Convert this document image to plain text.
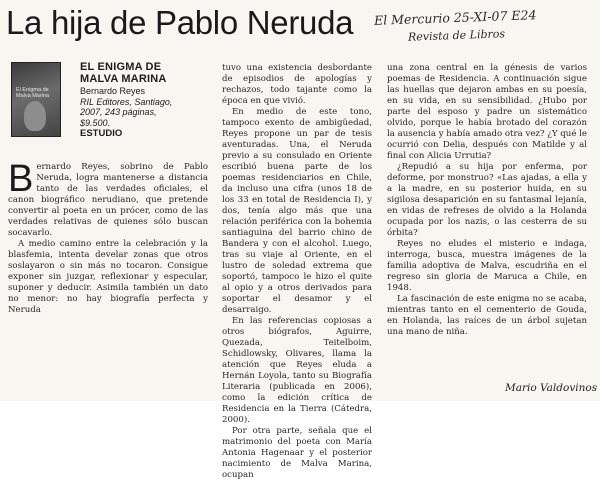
La hija de Pablo Neruda El Mercurio 25-XI-07 E24
Revista de Libros
El Enigma de Malva Marina
EL ENIGMA DE
MALVA MARINA
Bernardo Reyes
RIL Editores, Santiago,
2007, 243 páginas,
$9.500.
ESTUDIO

Bernardo Reyes, sobrino de Pablo Neruda, logra mantenerse a distancia tanto de las verdades oficiales, el canon biográfico nerudiano, que pretende convertir al poeta en un prócer, como de las verdades relativas de quienes sólo buscan socavarlo.

A medio camino entre la celebración y la blasfemia, intenta develar zonas que otros soslayaron o sin más no tocaron. Consigue exponer sin juzgar, reflexionar y especular, suponer y deducir. Asimila también un dato no menor: no hay biografía perfecta y Neruda

tuvo una existencia desbordante de episodios de apologías y rechazos, todo tajante como la época en que vivió.

En medio de este tono, tampoco exento de ambigüedad, Reyes propone un par de tesis aventuradas. Una, el Neruda previo a su consulado en Oriente escribió buena parte de los poemas residenciarios en Chile, da incluso una cifra (unos 18 de los 33 en total de Residencia I), y dos, tenía algo más que una relación periférica con la bohemia santiaguina del barrio chino de Bandera y con el alcohol. Luego, tras su viaje al Oriente, en el lustro de soledad extrema que soportó, tampoco le hizo el quite al opio y a otros derivados para soportar el desamor y el desarraigo.

En las referencias copiosas a otros biógrafos, Aguirre, Quezada, Teitelboim, Schidlowsky, Olivares, llama la atención que Reyes eluda a Hernán Loyola, tanto su Biografía Literaria (publicada en 2006), como la edición crítica de Residencia en la Tierra (Cátedra, 2000).

Por otra parte, señala que el matrimonio del poeta con María Antonia Hagenaar y el posterior nacimiento de Malva Marina, ocupan

una zona central en la génesis de varios poemas de Residencia. A continuación sigue las huellas que dejaron ambas en su poesía, en su vida, en su sensibilidad. ¿Hubo por parte del esposo y padre un sistemático olvido, porque le había brotado del corazón la ausencia y había amado otra vez? ¿Y qué le ocurrió con Delia, después con Matilde y al final con Alicia Urrutia?

¿Repudió a su hija por enferma, por deforme, por monstruo? «Las ajadas, a ella y a la madre, en su posterior huida, en su sigilosa desaparición en su fantasmal lejanía, en vidas de refreses de olvido a la Holanda ocupada por los nazis, o las cesterra de su órbita?

Reyes no eludes el misterio e indaga, interroga, busca, muestra imágenes de la familia adoptiva de Malva, escudriña en el regreso sin gloria de Maruca a Chile, en 1948.

La fascinación de este enigma no se acaba, mientras tanto en el cementerio de Gouda, en Holanda, las raíces de un árbol sujetan una mano de niña.

Mario Valdovinos
